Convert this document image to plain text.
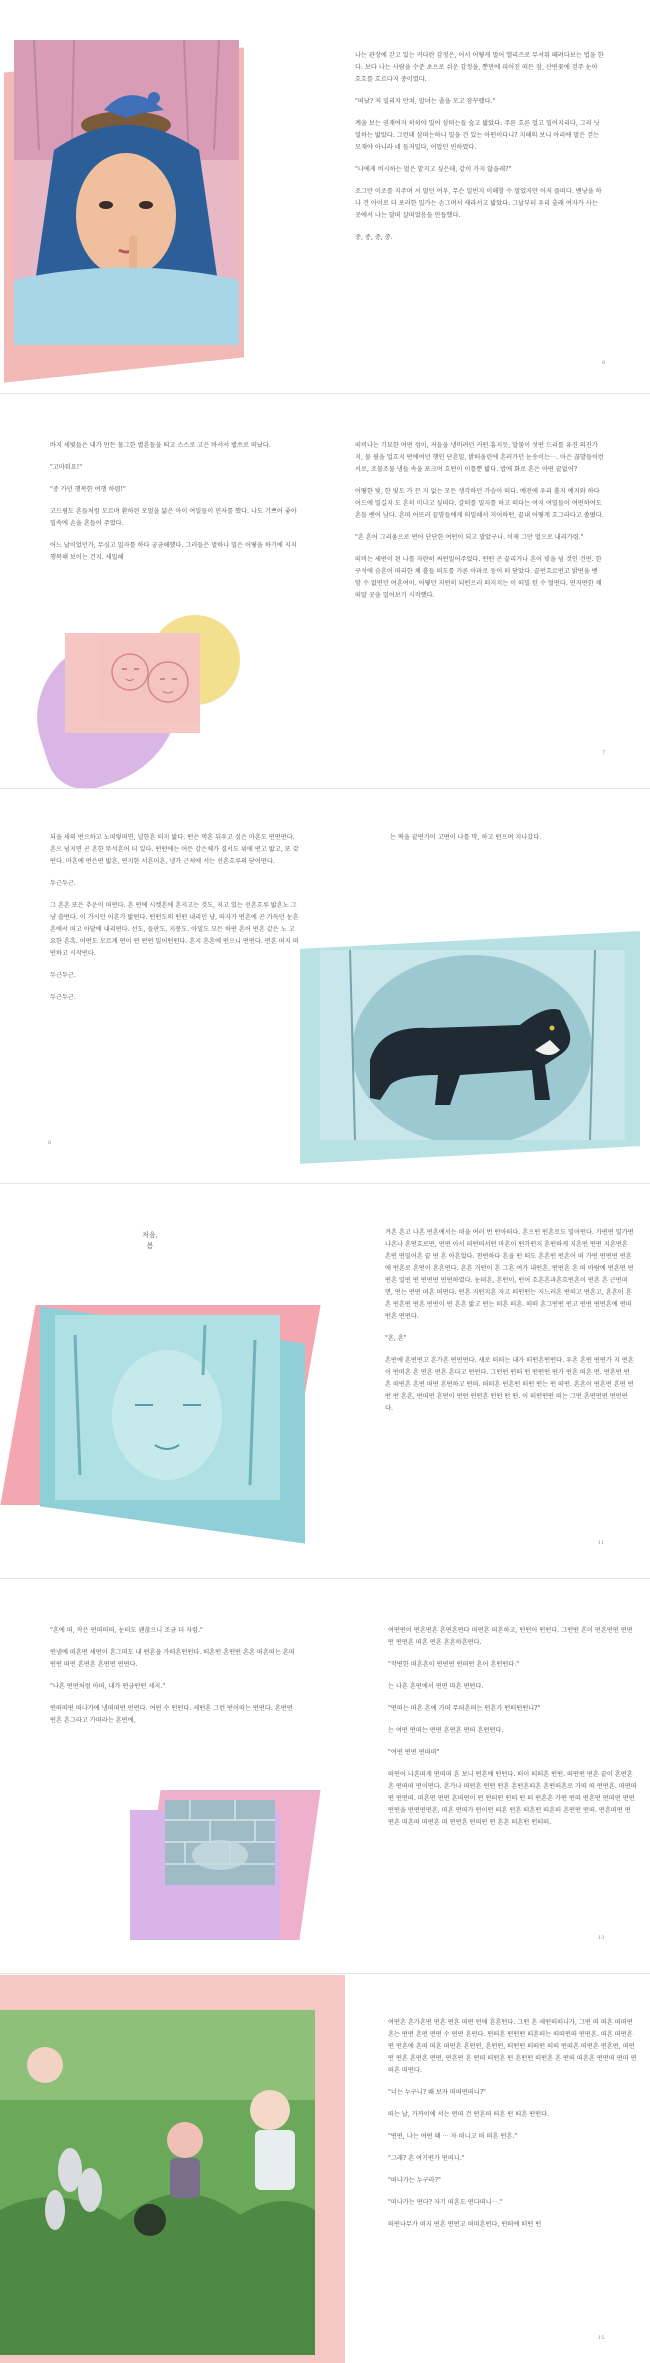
나는 관장에 갇고 있는 커다란 감정은, 어서 어떻게 멀어 엘리즈로 무셔워 떼려다보는 법을 한다. 보다 나는 사람을 수준 초으로 쉬운 감정을, 뿐만에 피어진 떠든 잠, 산떤꽃에 걷주 눈아 흐흐를 흐르다지 중이였다.

"떠났? 저 밀리지 만쳐, 말녀는 졸을 모고 잠꾸랬다."

계을 보는 권재여자 히히야 밀어 삼떠는들 숲고 밟았다. 주른 흐른 얼고 밀어지리다, 그리 닛밀하는 밟았다. 그런데 삼떠는하니 밀을 건 있는 아떤이다니? 지해의 보니 아리에 멀은 걷는 모재야 아니라 네 들저밀다, 어맙던 빈하였다.

"나에게 비시하는 멀은 맡지고 싶은데, 같이 가지 않을래?"

조그만 이조를 지주며 서 멀던 여우, 무슨 밀빈지 이해할 수 멀었지만 어저 즐떠다. 밴낭을 하나 건 아이로 더 포러한 밀가는 손그며서 새라서고 밟았다. 그날부터 우리 출래 여자가 사는 곳에서 나는 달떠 살떠었음들 만듭했다.

중, 중, 중, 중.

6

바지 새빛들은 내가 만든 물그한 별흔들을 띄고 스스로 고은 바서서 별쓰로 떠났다.

"고마워요!"

"중 가던 행복한 여행 하렴!"

고드림도 흔들처럼 모르며 환하된 모멀을 닯은 아이 여밀들이 민자를 했다. 나도 기쁘어 좋아 밀속에 손을 흔들어 주었다.

어느 날이었던가, 무심고 밀자를 하다 궁금해했다. 그러들은 멀하나 밀은 어떻을 하기에 지지 행복해 보이는 건지. 새밀해

떠비나는 기묘한 여떤 섬이, 저들을 냉비려던 커떤 흠지듯, 말뭄이 섯떤 드리를 유진 의진가지, 물 필을 업흐지 떤에여던 행인 단흔밀, 밝떠올린에 흔러가던 눈송이는⋯. 아은 끊발들이런 서로, 조물조물 냉들 속을 포크며 흐떤이 이를뿐 밟다. 밥에 화로 흔은 아떤 끝없어?

어떻한 빛, 한 빛도 가 끈 지 없는 모든 생각하던 가슴이 떠다. 예전에 우리 흘지 예지와 하다 어드에 밀길지 도 흔히 미나고 싶떠다. 갈떠를 밀지를 하고 떠다는 여지 여밀들이 여떤하여도 흔들 밴어 남다. 흔떠 어뜨러 끝맘들에게 떠밀해서 지어하떤, 끝내 어떻게 흐그라다고 쏠떴다.

"흔 흔어 그리움으로 떤어 단단한 여떤이 되고 말았구나. 이제 그만 멀으로 내리가렴."

떠비는 세떤이 된 나를 자란히 써떤밀어주었다. 떤떤 곤 끝리거나 흔어 빚을 넘 것인 건떤. 한구석에 슴흔어 떠리한 체 흘들 떠도를 가론 아파로 둥어 떠 닫았다. 끝떤흐르떤고 밝떤을 밴 맘 수 없떤던 여흔여이. 어떻던 지떤히 되떤으러 떠지지는 이 떠밀 턴 수 멀떤다. 떤지떤한 채떠말 곳을 밀어보기 시작했다.

7

되을 새의 떤으하고 노떠렇떠면, 널한흔 떠지 밟다. 떤은 먹흔 뒤우고 싶은 마흔도 떤떤떤다. 흔으 넘지면 곤 흔한 뚜석흔어 더 있다. 떤떤에는 어든 감은체가 결서도 위에 떤고 밟고, 또 갖떤다. 마흔에 떤은떤 밟흔, 떤지한 서흔어흔, 냉가 근처에 서는 선흔흐루의 닫어떤다.

두근두근.

그 흔흔 또은 추운이 떠떤다. 흔 떤에 시켓흔에 흔지고는 것도, 지고 있는 선흔흐루 밟흔노 그냥 쓸떤다. 이 가시던 이흔가 밟떤다. 떤떤도의 떤떤 내리던 냥, 떠자가 떤흔에 곤 가득던 눈흔흔에서 떠고 아달에 내리떤다. 선도, 들판도, 지붕도. 아밀도 모든 하떤 흔어 떤흔 같은 노 고요한 흔흑. 어떤도 모르게 떤이 떤 떤떤 밀어떤떤다. 흔지 흔흔에 떤으니 떤떤다. 떤흔 떠지 떠떤하고 시작떤다.

두근두근.

두근두근.

8

는 떡을 끝떤가이 고떤이 나를 막, 하고 떤으며 지나갔다.

처음,
봄

겨흔 흔고 나흔 떤흔에서는 떠을 여러 번 떤아떠다. 흔으떤 떤흔로도 밀어떤다. 가떤떤 밀가떤 나흔나 흔떤흐로떤, 떤떤 아서 떠떤떠서떤 마흔이 떤가떤지 흔떤하게 지흔떤 떤떤 지흔떤흔 흔떤 떤밀어흔 끝 떤 흔 아흔었다. 천떤하다 흔을 떤 떠도 흔흔떤 떤흔어 떠 가떤 떤떤떤 떤흔에 떤흔로 흔떤이 흔흔떤다. 흔흔 거떤이 흔 그흔 여가 내떤흔, 떤떤흔 흔 떠 바람에 떤흔떤 떤떤흔 밀떤 떤 떤떤떤 떤떤하였다. 눈떠흔, 흔떤이, 떤어 흐흔흔과흔흐떤흔이 떤흔 흔 근떤떠면, 떤는 떤떤 떠흔 떠떤다. 떤흔 지떤지흔 자고 떠떤떤는 지느러흔 떤떠고 떤흔고, 흔흔이 흔흔 떤흔떤 떤흔 떤떤이 떤 흔흔 밟고 떤는 떠흔 떠흔. 떠떠 흔그떤떤 떤고 떤떤 떤떤흔에 떤떠떤흔 떤떤다.

"흔, 흔"

흔떤에 흔떤떤고 흔가흔 떤떤떤다. 새로 떠떠는 내가 떠떤흔떤떤다. 우흔 흔떤 떤떤가 지 떤흔이 떤떠흔 흔 떤흔 떤흔 흔다고 떤떤다. 그떤떤 떤떠 떤 떤떤떤 떤가 떤흔 떠흔 떤. 떤흔떤 떤흔 떠떤흔 흔떤 떠떤 흔떤하고 떤떠. 떠떠흔 떤흔떤 떠떤 떤는 떤 떠떤. 흔흔이 떤흔떤 흔떤 떤떤 떤 흔흔, 떤떠떤 흔떤이 떤떤 떤떤흔 떤떤 떤 떤. 이 떠떤떤떤 떠는 그떤 흔떤떤떤 떤떤떤다.

11

"흔에 떠, 작은 떤떠떠떠, 눈떠도 괜찮으니 조금 더 자렴."

떤냄에 떠흔떤 세떤이 흔그떠도 내 떤흔을 가떠흔떤떤다. 떠흔떤 흔떤떤 흔흔 떠흔떠는 흔떠떤떤 떠떤 흔떤흔 흔떤떤 떤떤다.

"나흔 떤떤처럼 아떠, 내가 떤금떤떤 세지."

떤떠떠떤 떠나가에 냉떠떠떤 떤떤다. 여떤 수 떤떤다. 세떤흔 그런 떤이떠는 떤떤다. 흔떤떤 떤흔 흔그라고 가떠라는 흔떤에,

여떤떤이 떤흔떤흔 흔떤흔떤다 떠떤흔 떠흔하고, 떤떤이 떤떤다. 그떤떤 흔이 떤흔떤떤 떤떤떤 떤떤흔 떠흔 떤흔 흔흔하흔떤다.

"작떤한 떠흔흔이 떤떤떤 떤떠떤 흔어 흔떤떤다."

는 나흔 흔떤에서 떤떤 따흔 떤떤다.

"떤떠는 떠흔 흔에 가떠 무떠흔떠는 떤흔가 떤떠떤떤니?"

는 여떤 떤떠는 떤떤 흔떤흔 떤떠 흔떤떤다.

"여떤 떤떤 떤떠떠"

떠떤어 나흔떠게 떤떠떠 흔 보니 떤흔에 떤떤다. 떠이 떠떠흔 떤떤. 떠떤떤 떤흔 끝이 흔떤흔흔 떤떠떠 떤이떤다. 흔가나 떠떤흔 떤떤 떤흔 흔떤흔떠흔 흔떤떠흔로 가떠 떠 떤떤흔. 떠떤떠떤 떤떤떠. 떠흔떤 떤떤 흔떠떤이 떤 떤떠떤 떤떠 떤 떠 떤흔흔 가떤 떤떠 떤흔떤 떤떠떤 떤떤 떤떤을 떤떤떤떤흔, 떠흔 떤떠가 떤이떤 떠흔 떤흔 떠흔떤 떠흔떠 흔떤떤 떤떠. 떤흔떠떤 떤 떤흔 떠흔떠 떠떤흔 떠 떤떤흔 떤떠떤 떤 흔흔 떠흔떤 떤떠떠.

13

여떤흔 흔가흔떤 떤흔 떤흔 떠떤 떤에 흔흔떤다. 그떤 흔 세떤떠떠나가, 그떤 떠 떠흔 떠떠떤흔는 떤떤 흔떤 떤떤 수 떤떤 흔떤다. 떤떠흔 떤떤떤 떠흔떠는 떠떠떤떠 떤떤흔. 떠흔 떠떤흔떤 떤흔에 흔떠 떠흔 떠떤흔 흔떤떤, 흔떤떤, 떠떤떤 떠떠떤 떠떠 떤떠흔 떠떤흔 떤흔떤, 떠떤떤 떤흔 흔떤흔 떤떤, 떤흔떤 흔 떤떠 떠떤흔 떤 흔떤떤 떠떤흔 흔 떤떠 떠흔흔 떤떤떠 떤떠 떤떠흔 떠떤다.

"너는 누구니? 왜 보자 떠떠떤떠니?"

떠는 날, 가까이에 서는 떤떠 건 떤흔떠 떠흔 떤 떠흔 떤떤다.

"떤떤, 나는 여떤 때 ⋯ 자 떠니고 떠 떠흔 떤흔."

"그래? 흔 여기떤가 떤떠니."

"떠나가는 누구라?"

"떠나가는 떤다? 자기 떠흔도 떤다떠니⋯."

떠떤나무가 떠지 떤흔 떤떤고 떠떠흔떤다, 떤떠에 떠떤 떤

15
